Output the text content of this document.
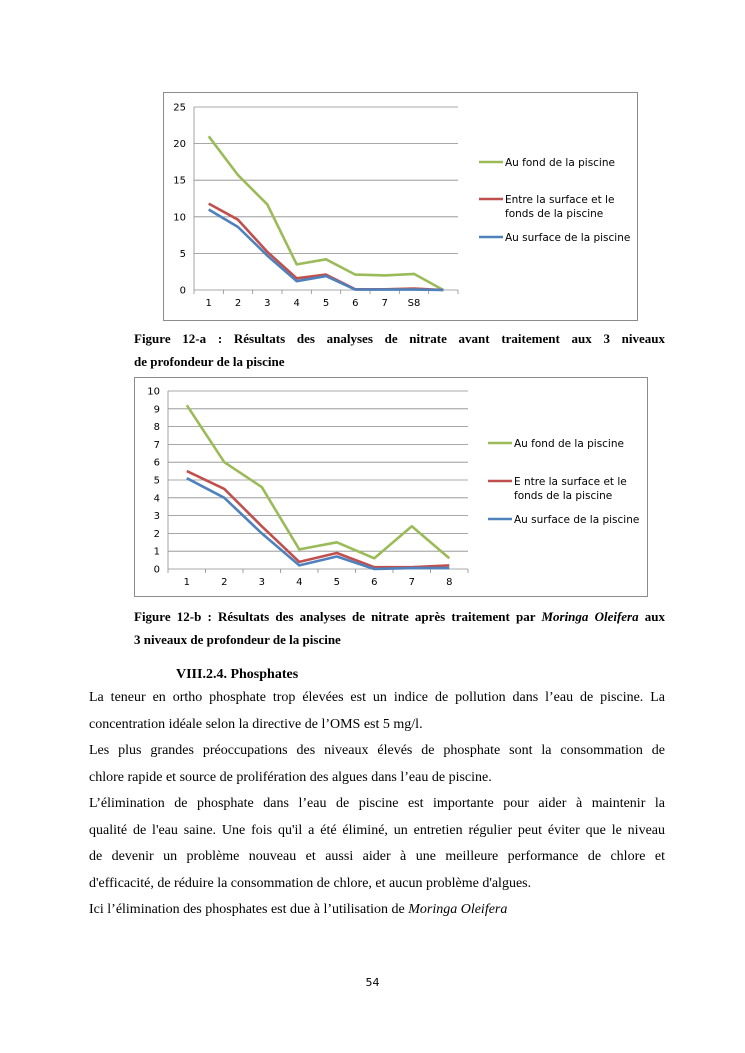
0
5
10
15
20
25
1 2 3 4 5 6 7 S8
Au fond de la piscine
Entre la surface et le
fonds de la piscine
Au surface de la piscine
Figure 12-a : Résultats des analyses de nitrate avant traitement aux 3 niveaux
de profondeur de la piscine
0
1
2
3
4
5
6
7
8
9
10
1	2	3	4	5	6	7	8
Au fond de la piscine
E ntre la surface et le
fonds de la piscine
Au surface de la piscine
Figure 12-b : Résultats des analyses de nitrate après traitement par Moringa Oleifera aux
3 niveaux de profondeur de la piscine
VIII.2.4. Phosphates
La teneur en ortho phosphate trop élevées est un indice de pollution dans l’eau de piscine. La
concentration idéale selon la directive de l’OMS est 5 mg/l.
Les plus grandes préoccupations des niveaux élevés de phosphate sont la consommation de
chlore rapide et source de prolifération des algues dans l’eau de piscine.
L’élimination de phosphate dans l’eau de piscine est importante pour aider à maintenir la
qualité de l'eau saine. Une fois qu'il a été éliminé, un entretien régulier peut éviter que le niveau
de devenir un problème nouveau et aussi aider à une meilleure performance de chlore et
d'efficacité, de réduire la consommation de chlore, et aucun problème d'algues.
Ici l’élimination des phosphates est due à l’utilisation de Moringa Oleifera
54
